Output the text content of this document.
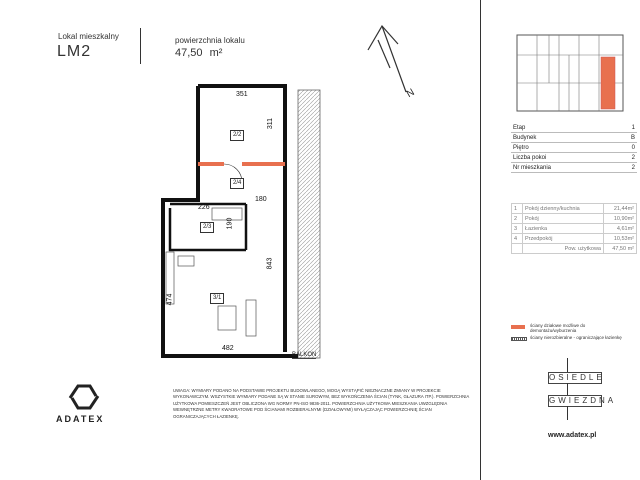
Lokal mieszkalny
LM2
powierzchnia lokalu
47,50 m²
N
351
311
180
226
190
843
474
482
2/2
2/4
2/3
3/1
BALKON
Etap	1
Budynek	B
Piętro	0
Liczba pokoi	2
Nr mieszkania	2
1	Pokój dzienny/kuchnia	21,44m²
2	Pokój	10,90m²
3	Łazienka	4,61m²
4	Przedpokój	10,53m²
	Pow. użytkowa	47,50 m²
ściany działowe możliwe do demontażu/wyburzenia
ściany nierozbieralne - ograniczające łazienkę
OSIEDLE
GWIEZDNA
www.adatex.pl
ADATEX
UWAGA: WYMIARY PODANO NA PODSTAWIE PROJEKTU BUDOWLANEGO, MOGĄ WYSTĄPIĆ NIEZNACZNE ZMIANY W PROJEKCIE WYKONAWCZYM. WSZYSTKIE WYMIARY PODANE SĄ W STANIE SUROWYM, BEZ WYKOŃCZENIA ŚCIAN (TYNK, GŁAZURA ITP.). POWIERZCHNIA UŻYTKOWA POMIESZCZEŃ JEST OBLICZONA WG NORMY PN-ISO 9836-2011. POWIERZCHNIA UŻYTKOWA MIESZKANIA UWZGLĘDNIA WEWNĘTRZNE METRY KWADRATOWE POD ŚCIANAMI ROZBIERALNYMI (DZIAŁOWYMI) WYŁĄCZAJĄC POWIERZCHNIĘ ŚCIAN OGRANICZAJĄCYCH ŁAZIENKĘ.
